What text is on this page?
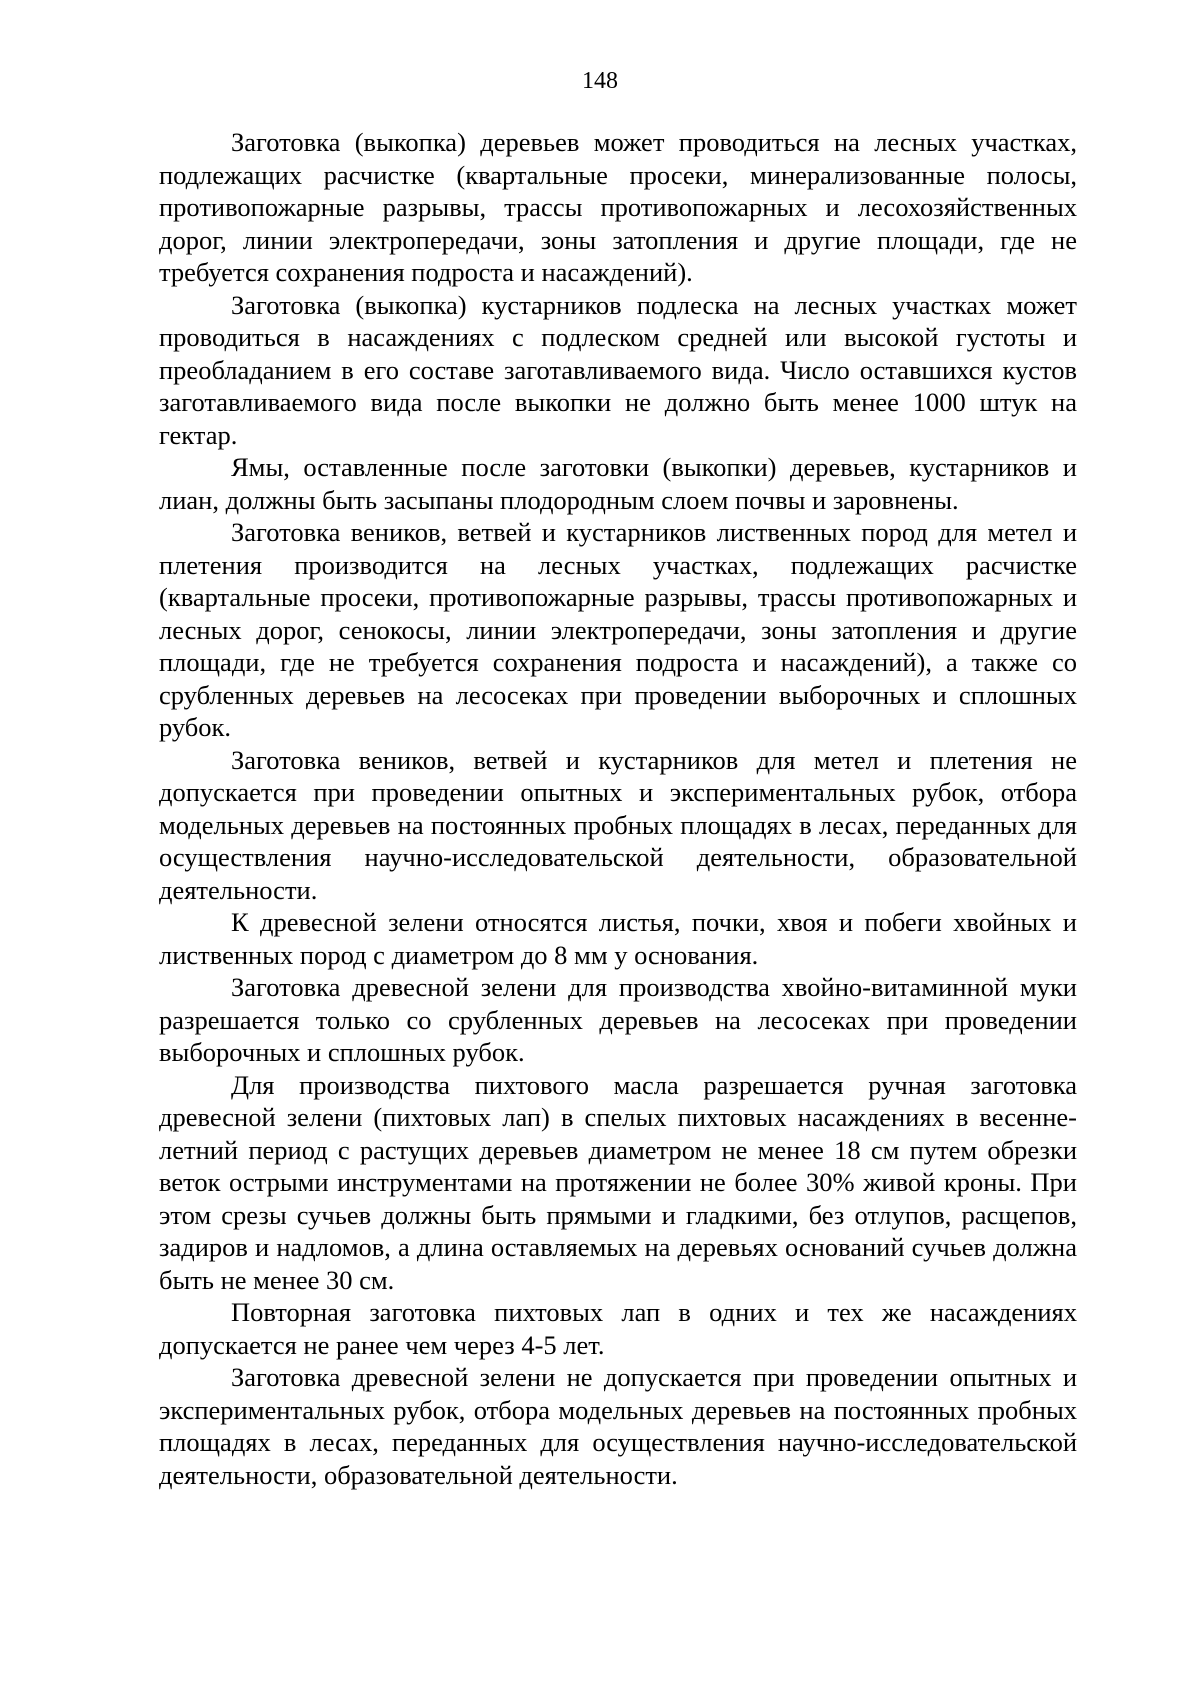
148

Заготовка (выкопка) деревьев может проводиться на лесных участках, подлежащих расчистке (квартальные просеки, минерализованные полосы, противопожарные разрывы, трассы противопожарных и лесохозяйственных дорог, линии электропередачи, зоны затопления и другие площади, где не требуется сохранения подроста и насаждений).

Заготовка (выкопка) кустарников подлеска на лесных участках может проводиться в насаждениях с подлеском средней или высокой густоты и преобладанием в его составе заготавливаемого вида. Число оставшихся кустов заготавливаемого вида после выкопки не должно быть менее 1000 штук на гектар.

Ямы, оставленные после заготовки (выкопки) деревьев, кустарников и лиан, должны быть засыпаны плодородным слоем почвы и заровнены.

Заготовка веников, ветвей и кустарников лиственных пород для метел и плетения производится на лесных участках, подлежащих расчистке (квартальные просеки, противопожарные разрывы, трассы противопожарных и лесных дорог, сенокосы, линии электропередачи, зоны затопления и другие площади, где не требуется сохранения подроста и насаждений), а также со срубленных деревьев на лесосеках при проведении выборочных и сплошных рубок.

Заготовка веников, ветвей и кустарников для метел и плетения не допускается при проведении опытных и экспериментальных рубок, отбора модельных деревьев на постоянных пробных площадях в лесах, переданных для осуществления научно-исследовательской деятельности, образовательной деятельности.

К древесной зелени относятся листья, почки, хвоя и побеги хвойных и лиственных пород с диаметром до 8 мм у основания.

Заготовка древесной зелени для производства хвойно-витаминной муки разрешается только со срубленных деревьев на лесосеках при проведении выборочных и сплошных рубок.

Для производства пихтового масла разрешается ручная заготовка древесной зелени (пихтовых лап) в спелых пихтовых насаждениях в весенне-летний период с растущих деревьев диаметром не менее 18 см путем обрезки веток острыми инструментами на протяжении не более 30% живой кроны. При этом срезы сучьев должны быть прямыми и гладкими, без отлупов, расщепов, задиров и надломов, а длина оставляемых на деревьях оснований сучьев должна быть не менее 30 см.

Повторная заготовка пихтовых лап в одних и тех же насаждениях допускается не ранее чем через 4-5 лет.

Заготовка древесной зелени не допускается при проведении опытных и экспериментальных рубок, отбора модельных деревьев на постоянных пробных площадях в лесах, переданных для осуществления научно-исследовательской деятельности, образовательной деятельности.
